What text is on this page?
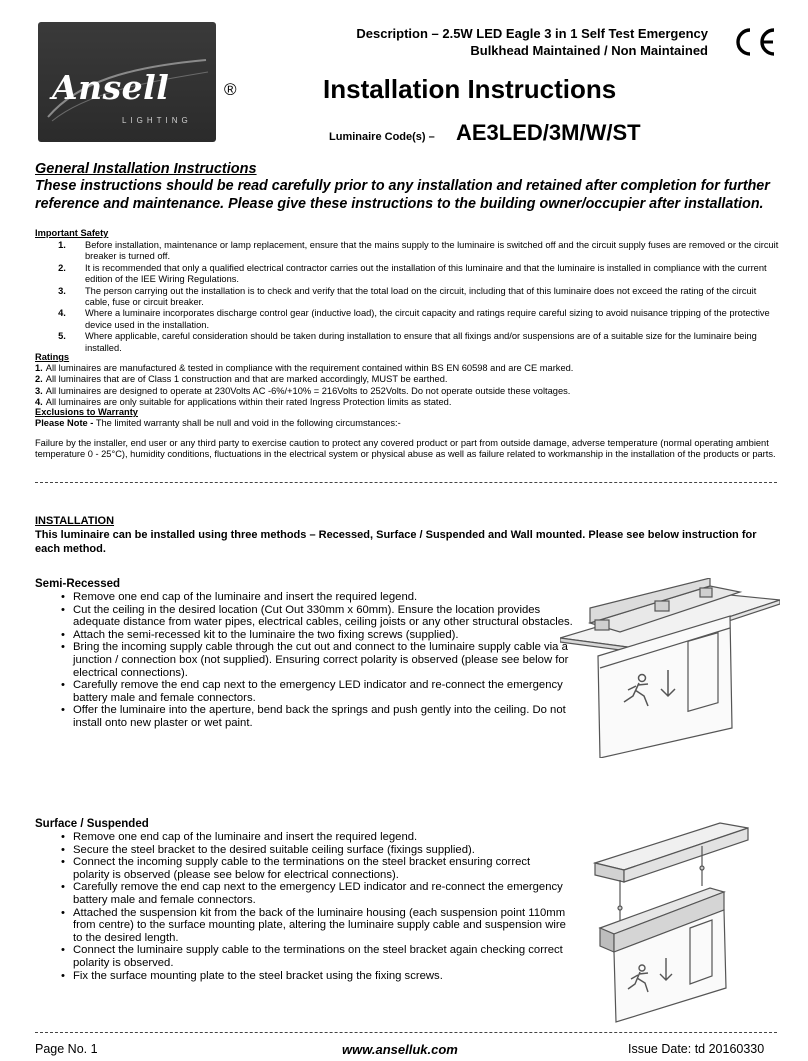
Ansell
LIGHTING
®
Description – 2.5W LED Eagle 3 in 1 Self Test Emergency
Bulkhead Maintained / Non Maintained
Installation Instructions
Luminaire Code(s) – AE3LED/3M/W/ST
General Installation Instructions
These instructions should be read carefully prior to any installation and retained after completion for further reference and maintenance. Please give these instructions to the building owner/occupier after installation.
Important Safety
1.	Before installation, maintenance or lamp replacement, ensure that the mains supply to the luminaire is switched off and the circuit supply fuses are removed or the circuit breaker is turned off.
2.	It is recommended that only a qualified electrical contractor carries out the installation of this luminaire and that the luminaire is installed in compliance with the current edition of the IEE Wiring Regulations.
3.	The person carrying out the installation is to check and verify that the total load on the circuit, including that of this luminaire does not exceed the rating of the circuit cable, fuse or circuit breaker.
4.	Where a luminaire incorporates discharge control gear (inductive load), the circuit capacity and ratings require careful sizing to avoid nuisance tripping of the protective device used in the installation.
5.	Where applicable, careful consideration should be taken during installation to ensure that all fixings and/or suspensions are of a suitable size for the luminaire being installed.
Ratings
1. All luminaires are manufactured & tested in compliance with the requirement contained within BS EN 60598 and are CE marked.
2. All luminaires that are of Class 1 construction and that are marked accordingly, MUST be earthed.
3. All luminaires are designed to operate at 230Volts AC -6%/+10% = 216Volts to 252Volts. Do not operate outside these voltages.
4. All luminaires are only suitable for applications within their rated Ingress Protection limits as stated.
Exclusions to Warranty
Please Note - The limited warranty shall be null and void in the following circumstances:-
Failure by the installer, end user or any third party to exercise caution to protect any covered product or part from outside damage, adverse temperature (normal operating ambient temperature 0 - 25°C), humidity conditions, fluctuations in the electrical system or physical abuse as well as failure related to workmanship in the installation of the products or parts.
INSTALLATION
This luminaire can be installed using three methods – Recessed, Surface / Suspended and Wall mounted. Please see below instruction for each method.
Semi-Recessed
• Remove one end cap of the luminaire and insert the required legend.
• Cut the ceiling in the desired location (Cut Out 330mm x 60mm). Ensure the location provides adequate distance from water pipes, electrical cables, ceiling joists or any other structural obstacles.
• Attach the semi-recessed kit to the luminaire the two fixing screws (supplied).
• Bring the incoming supply cable through the cut out and connect to the luminaire supply cable via a junction / connection box (not supplied). Ensuring correct polarity is observed (please see below for electrical connections).
• Carefully remove the end cap next to the emergency LED indicator and re-connect the emergency battery male and female connectors.
• Offer the luminaire into the aperture, bend back the springs and push gently into the ceiling. Do not install onto new plaster or wet paint.
Surface / Suspended
• Remove one end cap of the luminaire and insert the required legend.
• Secure the steel bracket to the desired suitable ceiling surface (fixings supplied).
• Connect the incoming supply cable to the terminations on the steel bracket ensuring correct polarity is observed (please see below for electrical connections).
• Carefully remove the end cap next to the emergency LED indicator and re-connect the emergency battery male and female connectors.
• Attached the suspension kit from the back of the luminaire housing (each suspension point 110mm from centre) to the surface mounting plate, altering the luminaire supply cable and suspension wire to the desired length.
• Connect the luminaire supply cable to the terminations on the steel bracket again checking correct polarity is observed.
• Fix the surface mounting plate to the steel bracket using the fixing screws.
Page No. 1	www.anselluk.com	Issue Date: td 20160330
